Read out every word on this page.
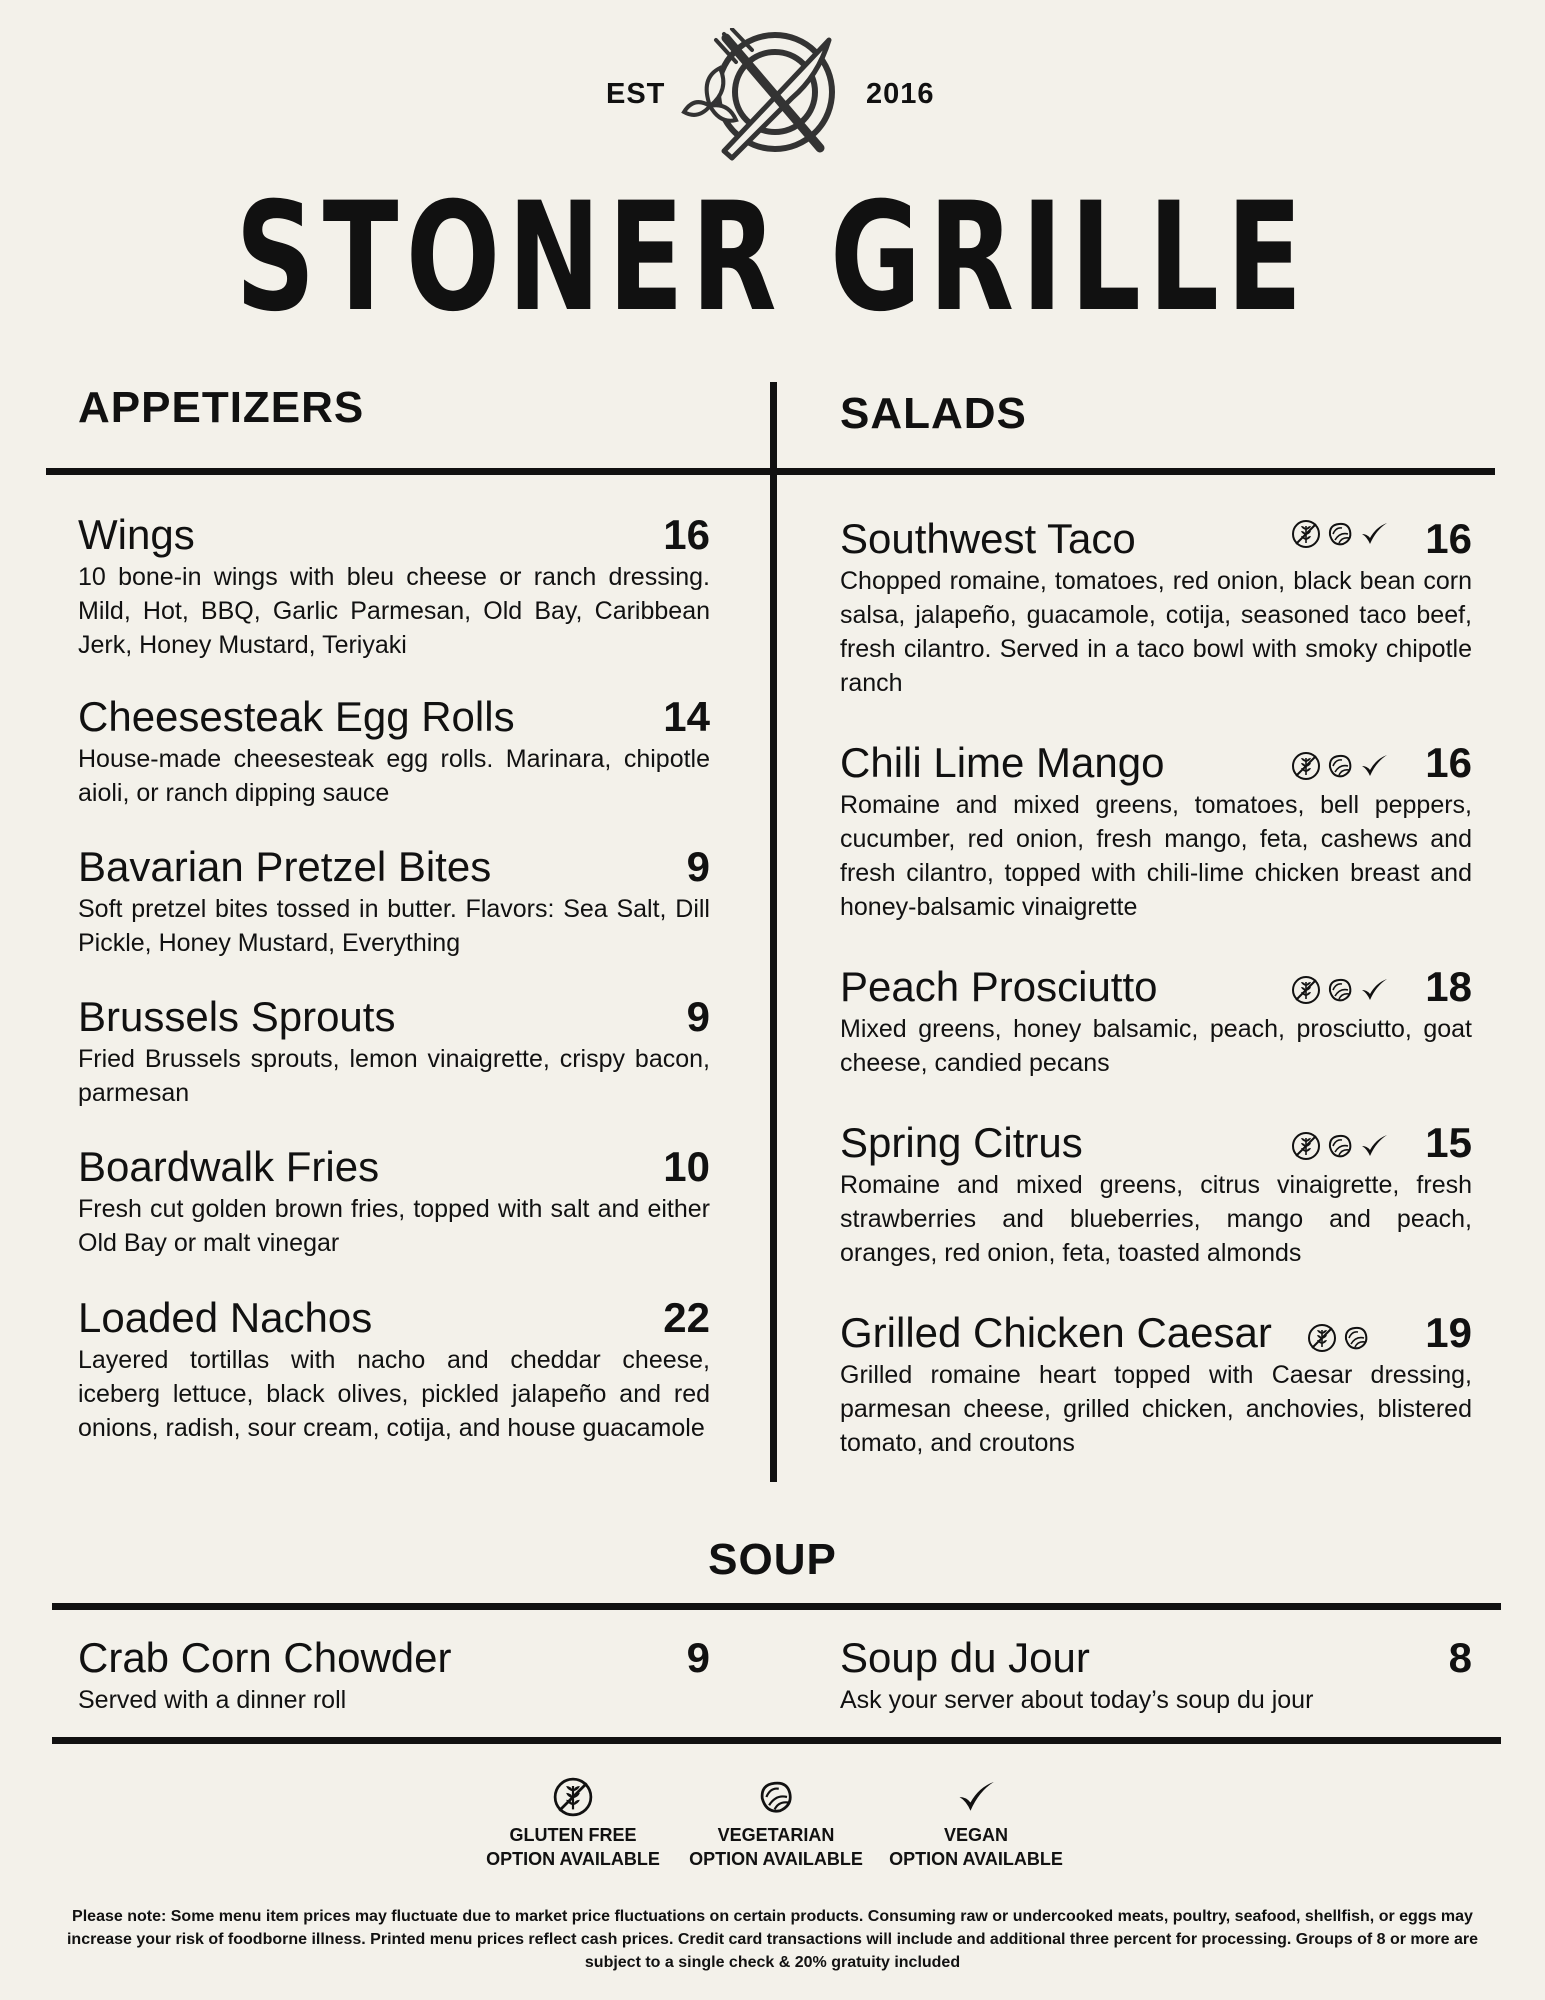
EST	2016
STONER GRILLE
APPETIZERS	SALADS
Wings	16
10 bone-in wings with bleu cheese or ranch dressing. Mild, Hot, BBQ, Garlic Parmesan, Old Bay, Caribbean Jerk, Honey Mustard, Teriyaki
Cheesesteak Egg Rolls	14
House-made cheesesteak egg rolls. Marinara, chipotle aioli, or ranch dipping sauce
Bavarian Pretzel Bites	9
Soft pretzel bites tossed in butter. Flavors: Sea Salt, Dill Pickle, Honey Mustard, Everything
Brussels Sprouts	9
Fried Brussels sprouts, lemon vinaigrette, crispy bacon, parmesan
Boardwalk Fries	10
Fresh cut golden brown fries, topped with salt and either Old Bay or malt vinegar
Loaded Nachos	22
Layered tortillas with nacho and cheddar cheese, iceberg lettuce, black olives, pickled jalapeño and red onions, radish, sour cream, cotija, and house guacamole
Southwest Taco	16
Chopped romaine, tomatoes, red onion, black bean corn salsa, jalapeño, guacamole, cotija, seasoned taco beef, fresh cilantro. Served in a taco bowl with smoky chipotle ranch
Chili Lime Mango	16
Romaine and mixed greens, tomatoes, bell peppers, cucumber, red onion, fresh mango, feta, cashews and fresh cilantro, topped with chili-lime chicken breast and honey-balsamic vinaigrette
Peach Prosciutto	18
Mixed greens, honey balsamic, peach, prosciutto, goat cheese, candied pecans
Spring Citrus	15
Romaine and mixed greens, citrus vinaigrette, fresh strawberries and blueberries, mango and peach, oranges, red onion, feta, toasted almonds
Grilled Chicken Caesar	19
Grilled romaine heart topped with Caesar dressing, parmesan cheese, grilled chicken, anchovies, blistered tomato, and croutons
SOUP
Crab Corn Chowder	9
Served with a dinner roll
Soup du Jour	8
Ask your server about today’s soup du jour
GLUTEN FREE
OPTION AVAILABLE
VEGETARIAN
OPTION AVAILABLE
VEGAN
OPTION AVAILABLE
Please note: Some menu item prices may fluctuate due to market price fluctuations on certain products. Consuming raw or undercooked meats, poultry, seafood, shellfish, or eggs may increase your risk of foodborne illness. Printed menu prices reflect cash prices. Credit card transactions will include and additional three percent for processing. Groups of 8 or more are subject to a single check & 20% gratuity included
